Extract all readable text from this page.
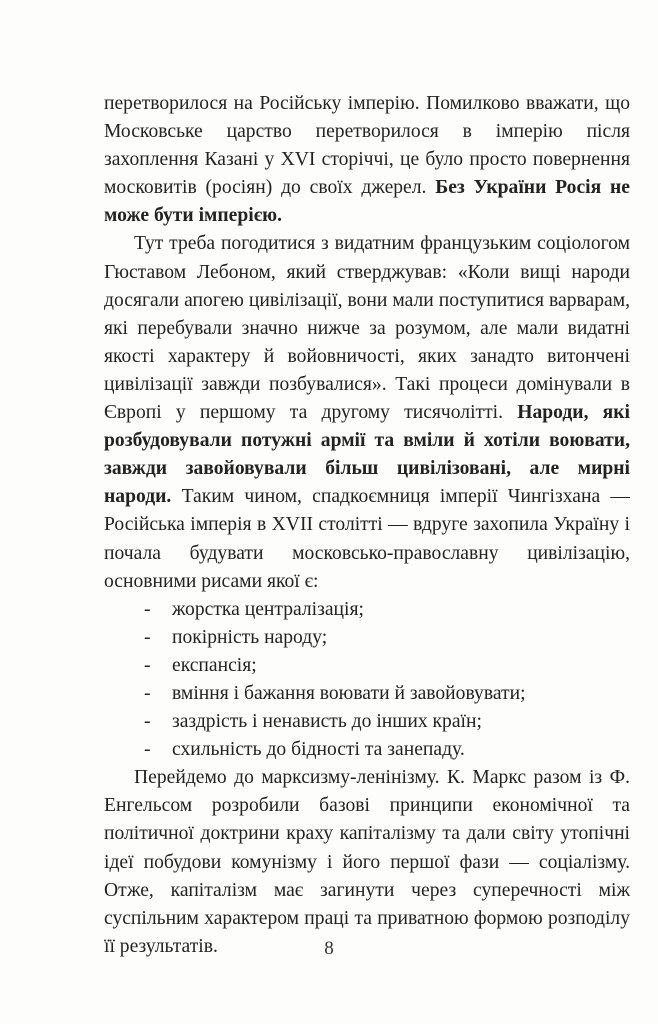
перетворилося на Російську імперію. Помилково вважати, що Московське царство перетворилося в імперію після захоплення Казані у XVI сторіччі, це було просто повернення московитів (росіян) до своїх джерел. Без України Росія не може бути імперією.

Тут треба погодитися з видатним французьким соціологом Гюставом Лебоном, який стверджував: «Коли вищі народи досягали апогею цивілізації, вони мали поступитися варварам, які перебували значно нижче за розумом, але мали видатні якості характеру й войовничості, яких занадто витончені цивілізації завжди позбувалися». Такі процеси домінували в Європі у першому та другому тисячолітті. Народи, які розбудовували потужні армії та вміли й хотіли воювати, завжди завойовували більш цивілізовані, але мирні народи. Таким чином, спадкоємниця імперії Чингізхана — Російська імперія в XVII столітті — вдруге захопила Україну і почала будувати московсько-православну цивілізацію, основними рисами якої є:

- жорстка централізація;
- покірність народу;
- експансія;
- вміння і бажання воювати й завойовувати;
- заздрість і ненависть до інших країн;
- схильність до бідності та занепаду.

Перейдемо до марксизму-ленінізму. К. Маркс разом із Ф. Енгельсом розробили базові принципи економічної та політичної доктрини краху капіталізму та дали світу утопічні ідеї побудови комунізму і його першої фази — соціалізму. Отже, капіталізм має загинути через суперечності між суспільним характером праці та приватною формою розподілу її результатів.	8
